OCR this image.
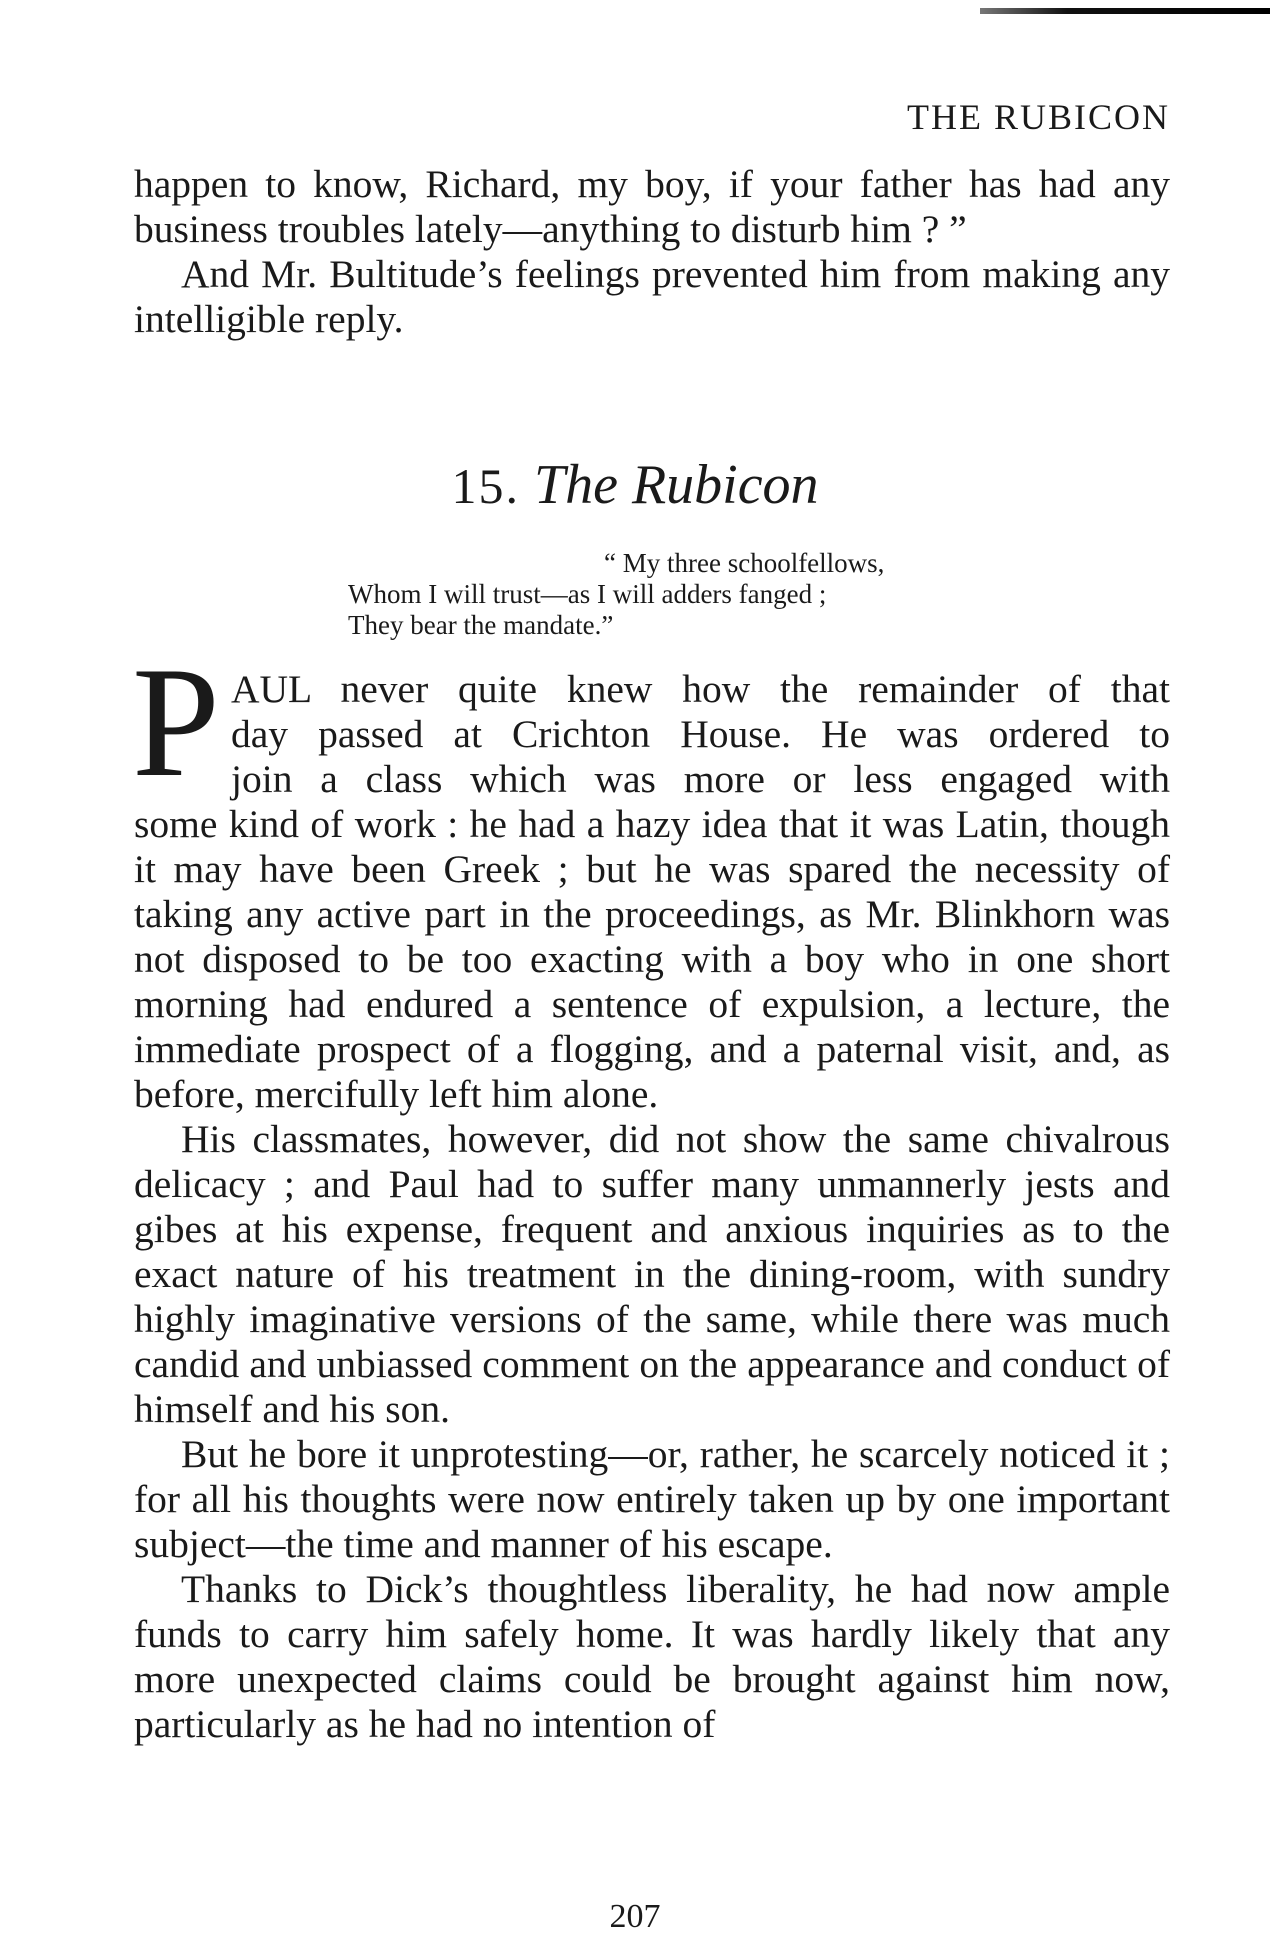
THE RUBICON

happen to know, Richard, my boy, if your father has had any business troubles lately—anything to disturb him ? ”

And Mr. Bultitude’s feelings prevented him from making any intelligible reply.

15. The Rubicon
“ My three schoolfellows,
Whom I will trust—as I will adders fanged ;
They bear the mandate.”
P AUL never quite knew how the remainder of that
day passed at Crichton House. He was ordered to
join a class which was more or less engaged with

some kind of work : he had a hazy idea that it was Latin, though it may have been Greek ; but he was spared the necessity of taking any active part in the proceedings, as Mr. Blinkhorn was not disposed to be too exacting with a boy who in one short morning had endured a sentence of expulsion, a lecture, the immediate prospect of a flogging, and a paternal visit, and, as before, mercifully left him alone.

His classmates, however, did not show the same chivalrous delicacy ; and Paul had to suffer many unmannerly jests and gibes at his expense, frequent and anxious inquiries as to the exact nature of his treatment in the dining-room, with sundry highly imaginative versions of the same, while there was much candid and unbiassed comment on the appearance and conduct of himself and his son.

But he bore it unprotesting—or, rather, he scarcely noticed it ; for all his thoughts were now entirely taken up by one important subject—the time and manner of his escape.

Thanks to Dick’s thoughtless liberality, he had now ample funds to carry him safely home. It was hardly likely that any more unexpected claims could be brought against him now, particularly as he had no intention of

207
